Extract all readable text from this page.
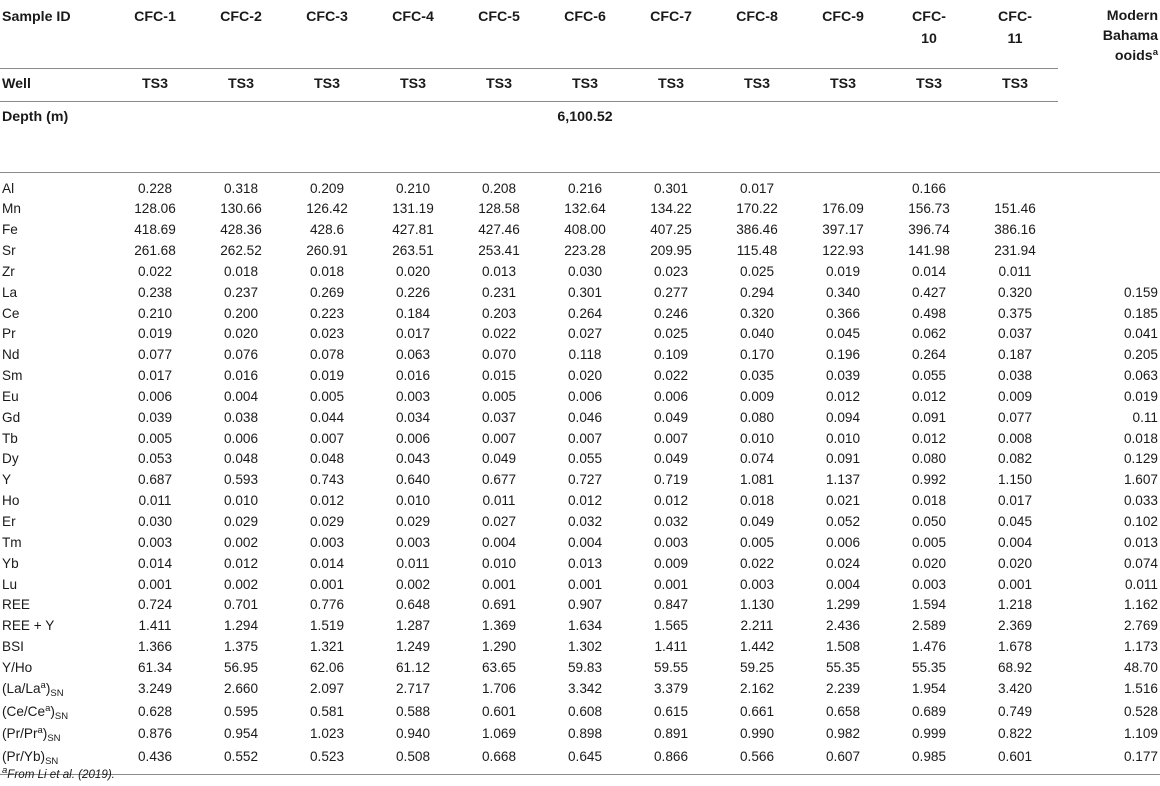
Sample ID	CFC-1	CFC-2	CFC-3	CFC-4	CFC-5	CFC-6	CFC-7	CFC-8	CFC-9	CFC-10	CFC-11	Modern Bahama ooids$^a$
Well	TS3	TS3	TS3	TS3	TS3	TS3	TS3	TS3	TS3	TS3	TS3	
Depth (m)						6,100.52						
Al	0.228	0.318	0.209	0.210	0.208	0.216	0.301	0.017		0.166		
Mn	128.06	130.66	126.42	131.19	128.58	132.64	134.22	170.22	176.09	156.73	151.46	
Fe	418.69	428.36	428.6	427.81	427.46	408.00	407.25	386.46	397.17	396.74	386.16	
Sr	261.68	262.52	260.91	263.51	253.41	223.28	209.95	115.48	122.93	141.98	231.94	
Zr	0.022	0.018	0.018	0.020	0.013	0.030	0.023	0.025	0.019	0.014	0.011	
La	0.238	0.237	0.269	0.226	0.231	0.301	0.277	0.294	0.340	0.427	0.320	0.159
Ce	0.210	0.200	0.223	0.184	0.203	0.264	0.246	0.320	0.366	0.498	0.375	0.185
Pr	0.019	0.020	0.023	0.017	0.022	0.027	0.025	0.040	0.045	0.062	0.037	0.041
Nd	0.077	0.076	0.078	0.063	0.070	0.118	0.109	0.170	0.196	0.264	0.187	0.205
Sm	0.017	0.016	0.019	0.016	0.015	0.020	0.022	0.035	0.039	0.055	0.038	0.063
Eu	0.006	0.004	0.005	0.003	0.005	0.006	0.006	0.009	0.012	0.012	0.009	0.019
Gd	0.039	0.038	0.044	0.034	0.037	0.046	0.049	0.080	0.094	0.091	0.077	0.11
Tb	0.005	0.006	0.007	0.006	0.007	0.007	0.007	0.010	0.010	0.012	0.008	0.018
Dy	0.053	0.048	0.048	0.043	0.049	0.055	0.049	0.074	0.091	0.080	0.082	0.129
Y	0.687	0.593	0.743	0.640	0.677	0.727	0.719	1.081	1.137	0.992	1.150	1.607
Ho	0.011	0.010	0.012	0.010	0.011	0.012	0.012	0.018	0.021	0.018	0.017	0.033
Er	0.030	0.029	0.029	0.029	0.027	0.032	0.032	0.049	0.052	0.050	0.045	0.102
Tm	0.003	0.002	0.003	0.003	0.004	0.004	0.003	0.005	0.006	0.005	0.004	0.013
Yb	0.014	0.012	0.014	0.011	0.010	0.013	0.009	0.022	0.024	0.020	0.020	0.074
Lu	0.001	0.002	0.001	0.002	0.001	0.001	0.001	0.003	0.004	0.003	0.001	0.011
REE	0.724	0.701	0.776	0.648	0.691	0.907	0.847	1.130	1.299	1.594	1.218	1.162
REE + Y	1.411	1.294	1.519	1.287	1.369	1.634	1.565	2.211	2.436	2.589	2.369	2.769
BSI	1.366	1.375	1.321	1.249	1.290	1.302	1.411	1.442	1.508	1.476	1.678	1.173
Y/Ho	61.34	56.95	62.06	61.12	63.65	59.83	59.55	59.25	55.35	55.35	68.92	48.70
$(La/La^a)_{SN}$	3.249	2.660	2.097	2.717	1.706	3.342	3.379	2.162	2.239	1.954	3.420	1.516
$(Ce/Ce^a)_{SN}$	0.628	0.595	0.581	0.588	0.601	0.608	0.615	0.661	0.658	0.689	0.749	0.528
$(Pr/Pr^a)_{SN}$	0.876	0.954	1.023	0.940	1.069	0.898	0.891	0.990	0.982	0.999	0.822	1.109
$(Pr/Yb)_{SN}$	0.436	0.552	0.523	0.508	0.668	0.645	0.866	0.566	0.607	0.985	0.601	0.177
$^a$From Li et al. (2019).
